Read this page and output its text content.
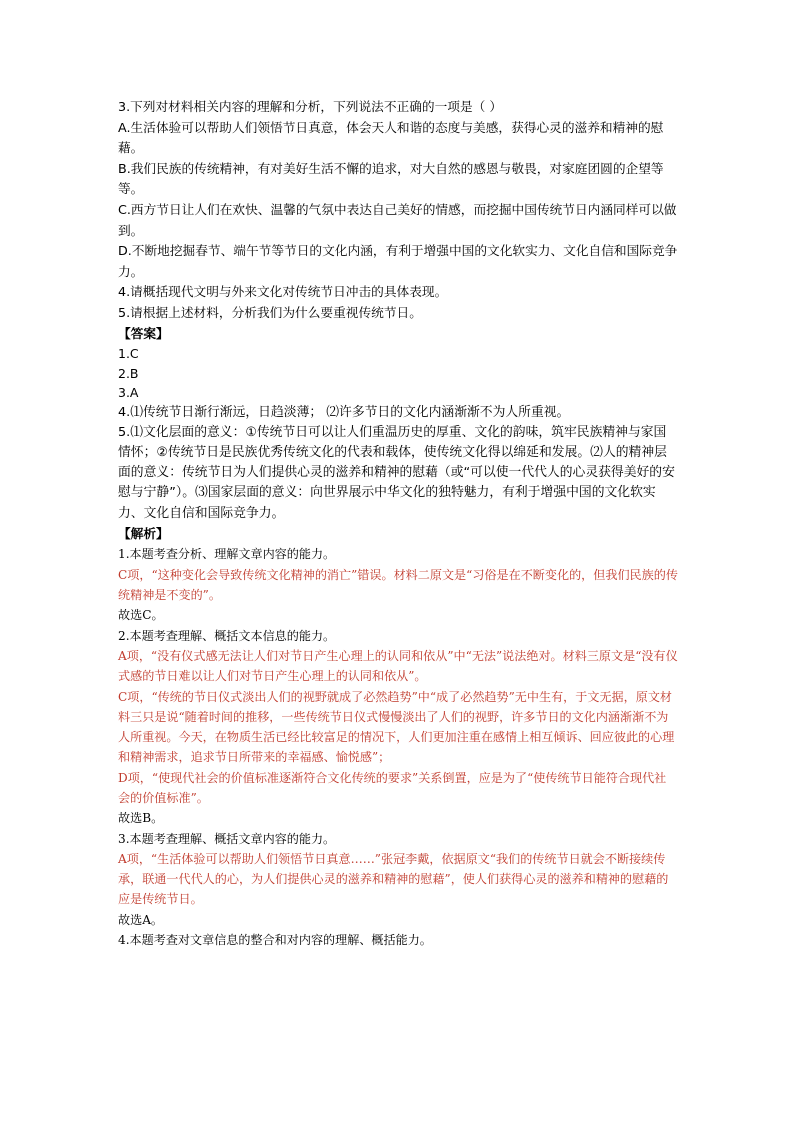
3.下列对材料相关内容的理解和分析，下列说法不正确的一项是（ ）

A.生活体验可以帮助人们领悟节日真意，体会天人和谐的态度与美感，获得心灵的滋养和精神的慰藉。

B.我们民族的传统精神，有对美好生活不懈的追求，对大自然的感恩与敬畏，对家庭团圆的企望等等。

C.西方节日让人们在欢快、温馨的气氛中表达自己美好的情感，而挖掘中国传统节日内涵同样可以做到。

D.不断地挖掘春节、端午节等节日的文化内涵，有利于增强中国的文化软实力、文化自信和国际竞争力。

4.请概括现代文明与外来文化对传统节日冲击的具体表现。

5.请根据上述材料，分析我们为什么要重视传统节日。

【答案】

1.C

2.B

3.A

4.⑴传统节日渐行渐远，日趋淡薄； ⑵许多节日的文化内涵渐渐不为人所重视。

5.⑴文化层面的意义：①传统节日可以让人们重温历史的厚重、文化的韵味，筑牢民族精神与家国情怀；②传统节日是民族优秀传统文化的代表和载体，使传统文化得以绵延和发展。⑵人的精神层面的意义：传统节日为人们提供心灵的滋养和精神的慰藉（或“可以使一代代人的心灵获得美好的安慰与宁静”）。⑶国家层面的意义：向世界展示中华文化的独特魅力，有利于增强中国的文化软实力、文化自信和国际竞争力。

【解析】

1.本题考查分析、理解文章内容的能力。

C项，“这种变化会导致传统文化精神的消亡”错误。材料二原文是“习俗是在不断变化的，但我们民族的传统精神是不变的”。

故选C。

2.本题考查理解、概括文本信息的能力。

A项，“没有仪式感无法让人们对节日产生心理上的认同和依从”中“无法”说法绝对。材料三原文是“没有仪式感的节日难以让人们对节日产生心理上的认同和依从”。

C项，“传统的节日仪式淡出人们的视野就成了必然趋势”中“成了必然趋势”无中生有，于文无据，原文材料三只是说“随着时间的推移，一些传统节日仪式慢慢淡出了人们的视野，许多节日的文化内涵渐渐不为人所重视。今天，在物质生活已经比较富足的情况下，人们更加注重在感情上相互倾诉、回应彼此的心理和精神需求，追求节日所带来的幸福感、愉悦感”；

D项，“使现代社会的价值标准逐渐符合文化传统的要求”关系倒置，应是为了“使传统节日能符合现代社会的价值标准”。

故选B。

3.本题考查理解、概括文章内容的能力。

A项，“生活体验可以帮助人们领悟节日真意……”张冠李戴，依据原文“我们的传统节日就会不断接续传承，联通一代代人的心，为人们提供心灵的滋养和精神的慰藉”，使人们获得心灵的滋养和精神的慰藉的应是传统节日。

故选A。

4.本题考查对文章信息的整合和对内容的理解、概括能力。
